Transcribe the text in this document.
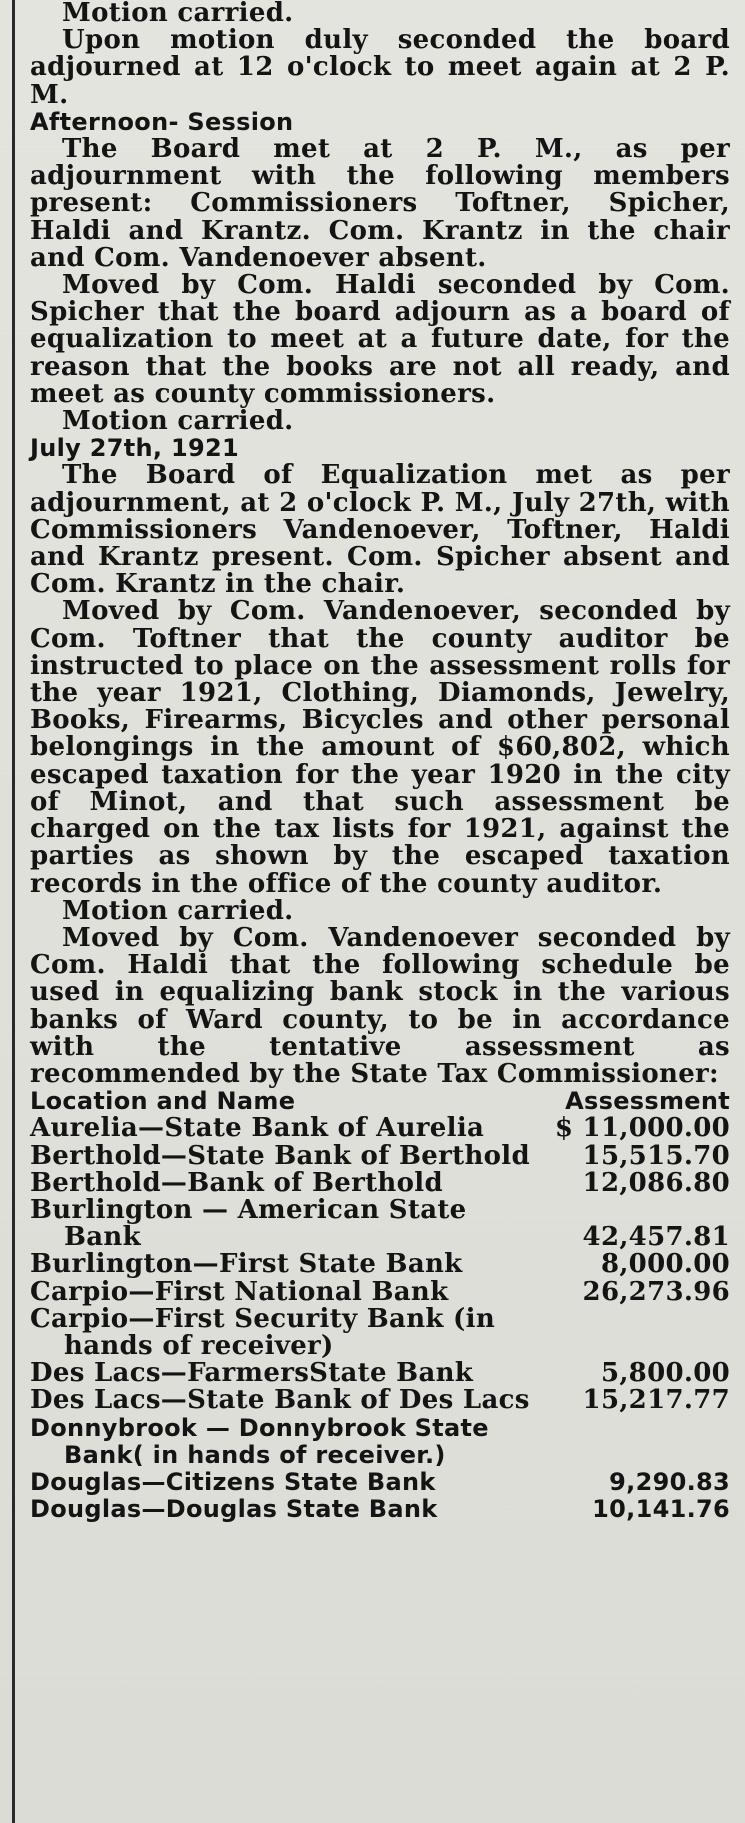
Motion carried.

Upon motion duly seconded the board adjourned at 12 o'clock to meet again at 2 P. M.

Afternoon- Session

The Board met at 2 P. M., as per adjournment with the following members present: Commissioners Toftner, Spicher, Haldi and Krantz. Com. Krantz in the chair and Com. Vandenoever absent.

Moved by Com. Haldi seconded by Com. Spicher that the board adjourn as a board of equalization to meet at a future date, for the reason that the books are not all ready, and meet as county commissioners.

Motion carried.

July 27th, 1921

The Board of Equalization met as per adjournment, at 2 o'clock P. M., July 27th, with Commissioners Vandenoever, Toftner, Haldi and Krantz present. Com. Spicher absent and Com. Krantz in the chair.

Moved by Com. Vandenoever, seconded by Com. Toftner that the county auditor be instructed to place on the assessment rolls for the year 1921, Clothing, Diamonds, Jewelry, Books, Firearms, Bicycles and other personal belongings in the amount of $60,802, which escaped taxation for the year 1920 in the city of Minot, and that such assessment be charged on the tax lists for 1921, against the parties as shown by the escaped taxation records in the office of the county auditor.

Motion carried.

Moved by Com. Vandenoever seconded by Com. Haldi that the following schedule be used in equalizing bank stock in the various banks of Ward county, to be in accordance with the tentative assessment as recommended by the State Tax Commissioner:

Location and Name	Assessment
Aurelia—State Bank of Aurelia	$ 11,000.00
Berthold—State Bank of Berthold	15,515.70
Berthold—Bank of Berthold	12,086.80
Burlington — American State Bank	42,457.81
Burlington—First State Bank	8,000.00
Carpio—First National Bank	26,273.96
Carpio—First Security Bank (in hands of receiver)
Des Lacs—FarmersState Bank	5,800.00
Des Lacs—State Bank of Des Lacs	15,217.77
Donnybrook — Donnybrook State Bank( in hands of receiver.)
Douglas—Citizens State Bank	9,290.83
Douglas—Douglas State Bank	10,141.76
